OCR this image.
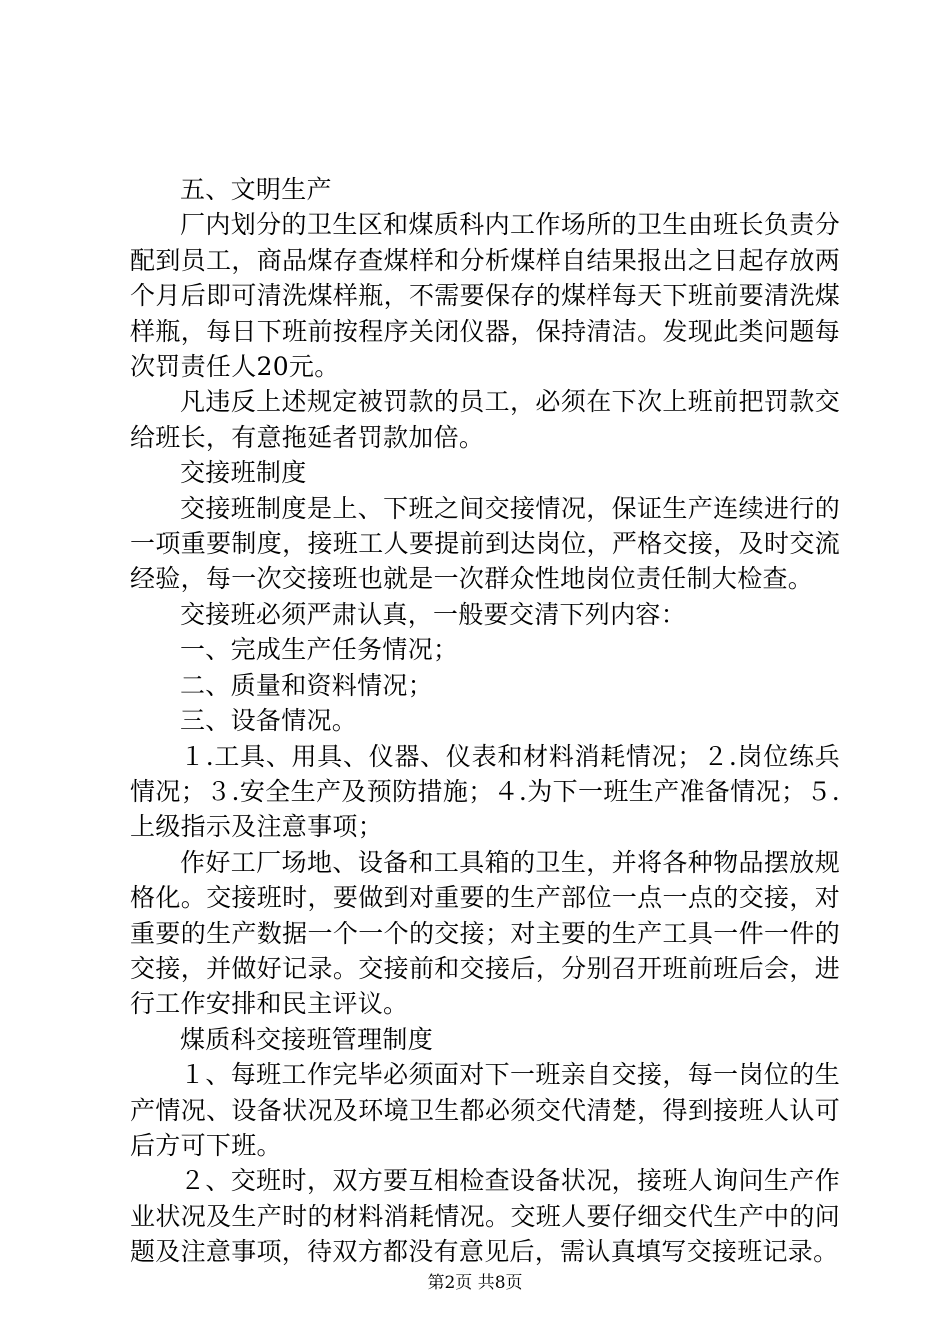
五、文明生产

厂内划分的卫生区和煤质科内工作场所的卫生由班长负责分配到员工，商品煤存查煤样和分析煤样自结果报出之日起存放两个月后即可清洗煤样瓶，不需要保存的煤样每天下班前要清洗煤样瓶，每日下班前按程序关闭仪器，保持清洁。发现此类问题每次罚责任人20元。

凡违反上述规定被罚款的员工，必须在下次上班前把罚款交给班长，有意拖延者罚款加倍。

交接班制度

交接班制度是上、下班之间交接情况，保证生产连续进行的一项重要制度，接班工人要提前到达岗位，严格交接，及时交流经验，每一次交接班也就是一次群众性地岗位责任制大检查。

交接班必须严肃认真，一般要交清下列内容：

一、完成生产任务情况；

二、质量和资料情况；

三、设备情况。

１.工具、用具、仪器、仪表和材料消耗情况；２.岗位练兵情况；３.安全生产及预防措施；４.为下一班生产准备情况；５.上级指示及注意事项；

作好工厂场地、设备和工具箱的卫生，并将各种物品摆放规格化。交接班时，要做到对重要的生产部位一点一点的交接，对重要的生产数据一个一个的交接；对主要的生产工具一件一件的交接，并做好记录。交接前和交接后，分别召开班前班后会，进行工作安排和民主评议。

煤质科交接班管理制度

１、每班工作完毕必须面对下一班亲自交接，每一岗位的生产情况、设备状况及环境卫生都必须交代清楚，得到接班人认可后方可下班。

２、交班时，双方要互相检查设备状况，接班人询问生产作业状况及生产时的材料消耗情况。交班人要仔细交代生产中的问题及注意事项，待双方都没有意见后，需认真填写交接班记录。

第2页 共8页
